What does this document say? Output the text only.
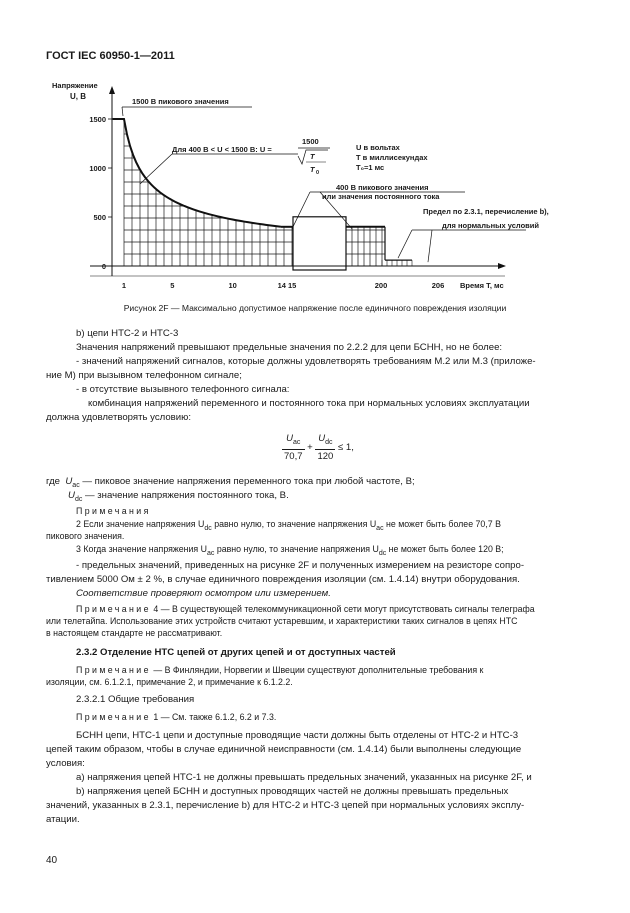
ГОСТ IEC 60950-1—2011
Напряжение
U, В
1500
1000
500
0
1	5	10	14 15	200	206 Время T, мс
1500 В пикового значения
Для 400 В < U < 1500 В: U =
1500
T
T 0
U в вольтах
T в миллисекундах
T₀=1 мс
400 В пикового значения
или значения постоянного тока
Предел по 2.3.1, перечисление b),
для нормальных условий
Рисунок 2F — Максимально допустимое напряжение после единичного повреждения изоляции
b) цепи НТС-2 и НТС-3
Значения напряжений превышают предельные значения по 2.2.2 для цепи БСНН, но не более:
- значений напряжений сигналов, которые должны удовлетворять требованиям М.2 или М.3 (приложе-
ние М) при вызывном телефонном сигнале;
- в отсутствие вызывного телефонного сигнала:
комбинация напряжений переменного и постоянного тока при нормальных условиях эксплуатации
должна удовлетворять условию:
$\frac{U_{ac}}{70,7} + \frac{U_{dc}}{120} \le 1$,
где $U_{ac}$ — пиковое значение напряжения переменного тока при любой частоте, В;
$U_{dc}$ — значение напряжения постоянного тока, В.
Примечания
2 Если значение напряжения $U_{dc}$ равно нулю, то значение напряжения $U_{ac}$ не может быть более 70,7 В
пикового значения.
3 Когда значение напряжения $U_{ac}$ равно нулю, то значение напряжения $U_{dc}$ не может быть более 120 В;
- предельных значений, приведенных на рисунке 2F и полученных измерением на резисторе сопро-
тивлением 5000 Ом ± 2 %, в случае единичного повреждения изоляции (см. 1.4.14) внутри оборудования.
Соответствие проверяют осмотром или измерением.
Примечание 4 — В существующей телекоммуникационной сети могут присутствовать сигналы телеграфа
или телетайпа. Использование этих устройств считают устаревшим, и характеристики таких сигналов в цепях НТС
в настоящем стандарте не рассматривают.
2.3.2 Отделение НТС цепей от других цепей и от доступных частей
Примечание — В Финляндии, Норвегии и Швеции существуют дополнительные требования к
изоляции, см. 6.1.2.1, примечание 2, и примечание к 6.1.2.2.
2.3.2.1 Общие требования
Примечание 1 — См. также 6.1.2, 6.2 и 7.3.
БСНН цепи, НТС-1 цепи и доступные проводящие части должны быть отделены от НТС-2 и НТС-3
цепей таким образом, чтобы в случае единичной неисправности (см. 1.4.14) были выполнены следующие
условия:
а) напряжения цепей НТС-1 не должны превышать предельных значений, указанных на рисунке 2F, и
b) напряжения цепей БСНН и доступных проводящих частей не должны превышать предельных
значений, указанных в 2.3.1, перечисление b) для НТС-2 и НТС-3 цепей при нормальных условиях эксплу-
атации.
40
